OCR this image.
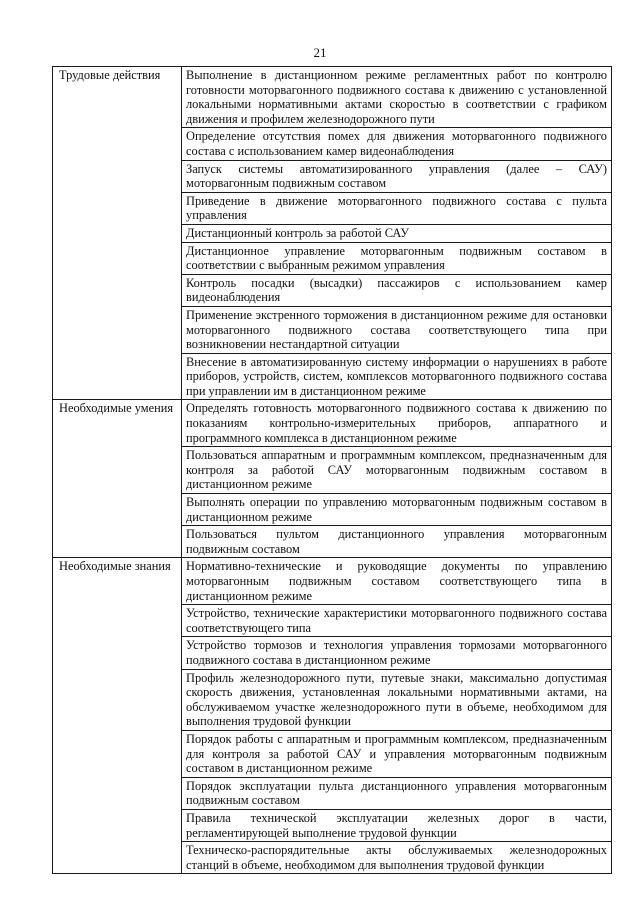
21
Трудовые действия	Выполнение в дистанционном режиме регламентных работ по контролю готовности моторвагонного подвижного состава к движению с установленной локальными нормативными актами скоростью в соответствии с графиком движения и профилем железнодорожного пути
	Определение отсутствия помех для движения моторвагонного подвижного состава с использованием камер видеонаблюдения
	Запуск системы автоматизированного управления (далее – САУ) моторвагонным подвижным составом
	Приведение в движение моторвагонного подвижного состава с пульта управления
	Дистанционный контроль за работой САУ
	Дистанционное управление моторвагонным подвижным составом в соответствии с выбранным режимом управления
	Контроль посадки (высадки) пассажиров с использованием камер видеонаблюдения
	Применение экстренного торможения в дистанционном режиме для остановки моторвагонного подвижного состава соответствующего типа при возникновении нестандартной ситуации
	Внесение в автоматизированную систему информации о нарушениях в работе приборов, устройств, систем, комплексов моторвагонного подвижного состава при управлении им в дистанционном режиме
Необходимые умения	Определять готовность моторвагонного подвижного состава к движению по показаниям контрольно-измерительных приборов, аппаратного и программного комплекса в дистанционном режиме
	Пользоваться аппаратным и программным комплексом, предназначенным для контроля за работой САУ моторвагонным подвижным составом в дистанционном режиме
	Выполнять операции по управлению моторвагонным подвижным составом в дистанционном режиме
	Пользоваться пультом дистанционного управления моторвагонным подвижным составом
Необходимые знания	Нормативно-технические и руководящие документы по управлению моторвагонным подвижным составом соответствующего типа в дистанционном режиме
	Устройство, технические характеристики моторвагонного подвижного состава соответствующего типа
	Устройство тормозов и технология управления тормозами моторвагонного подвижного состава в дистанционном режиме
	Профиль железнодорожного пути, путевые знаки, максимально допустимая скорость движения, установленная локальными нормативными актами, на обслуживаемом участке железнодорожного пути в объеме, необходимом для выполнения трудовой функции
	Порядок работы с аппаратным и программным комплексом, предназначенным для контроля за работой САУ и управления моторвагонным подвижным составом в дистанционном режиме
	Порядок эксплуатации пульта дистанционного управления моторвагонным подвижным составом
	Правила технической эксплуатации железных дорог в части, регламентирующей выполнение трудовой функции
	Техническо-распорядительные акты обслуживаемых железнодорожных станций в объеме, необходимом для выполнения трудовой функции
